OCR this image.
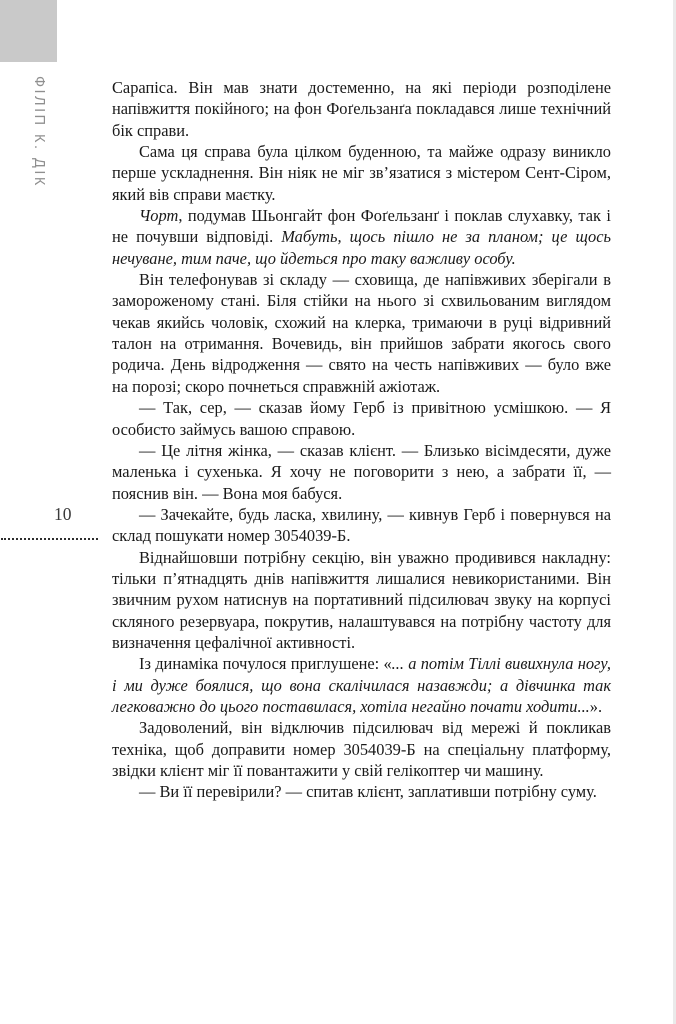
ФІЛІП К. ДІК
10

Сарапіса. Він мав знати достеменно, на які періоди розподілене напівжиття покійного; на фон Фоґельзанґа покладався лише технічний бік справи.

Сама ця справа була цілком буденною, та майже одразу виникло перше ускладнення. Він ніяк не міг зв’язатися з містером Сент-Сіром, який вів справи маєтку.

Чорт, подумав Шьонгайт фон Фоґельзанґ і поклав слухавку, так і не почувши відповіді. Мабуть, щось пішло не за планом; це щось нечуване, тим паче, що йдеться про таку важливу особу.

Він телефонував зі складу — сховища, де напівживих зберігали в замороженому стані. Біля стійки на нього зі схвильованим виглядом чекав якийсь чоловік, схожий на клерка, тримаючи в руці відривний талон на отримання. Вочевидь, він прийшов забрати якогось свого родича. День відродження — свято на честь напівживих — було вже на порозі; скоро почнеться справжній ажіотаж.

— Так, сер, — сказав йому Герб із привітною усмішкою. — Я особисто займусь вашою справою.

— Це літня жінка, — сказав клієнт. — Близько вісімдесяти, дуже маленька і сухенька. Я хочу не поговорити з нею, а забрати її, — пояснив він. — Вона моя бабуся.

— Зачекайте, будь ласка, хвилину, — кивнув Герб і повернувся на склад пошукати номер 3054039-Б.

Віднайшовши потрібну секцію, він уважно продивився накладну: тільки п’ятнадцять днів напівжиття лишалися невикористаними. Він звичним рухом натиснув на портативний підсилювач звуку на корпусі скляного резервуара, покрутив, налаштувався на потрібну частоту для визначення цефалічної активності.

Із динаміка почулося приглушене: «... а потім Тіллі вивихнула ногу, і ми дуже боялися, що вона скалічилася назавжди; а дівчинка так легковажно до цього поставилася, хотіла негайно почати ходити...».

Задоволений, він відключив підсилювач від мережі й покликав техніка, щоб доправити номер 3054039-Б на спеціальну платформу, звідки клієнт міг її повантажити у свій гелікоптер чи машину.

— Ви її перевірили? — спитав клієнт, заплативши потрібну суму.
